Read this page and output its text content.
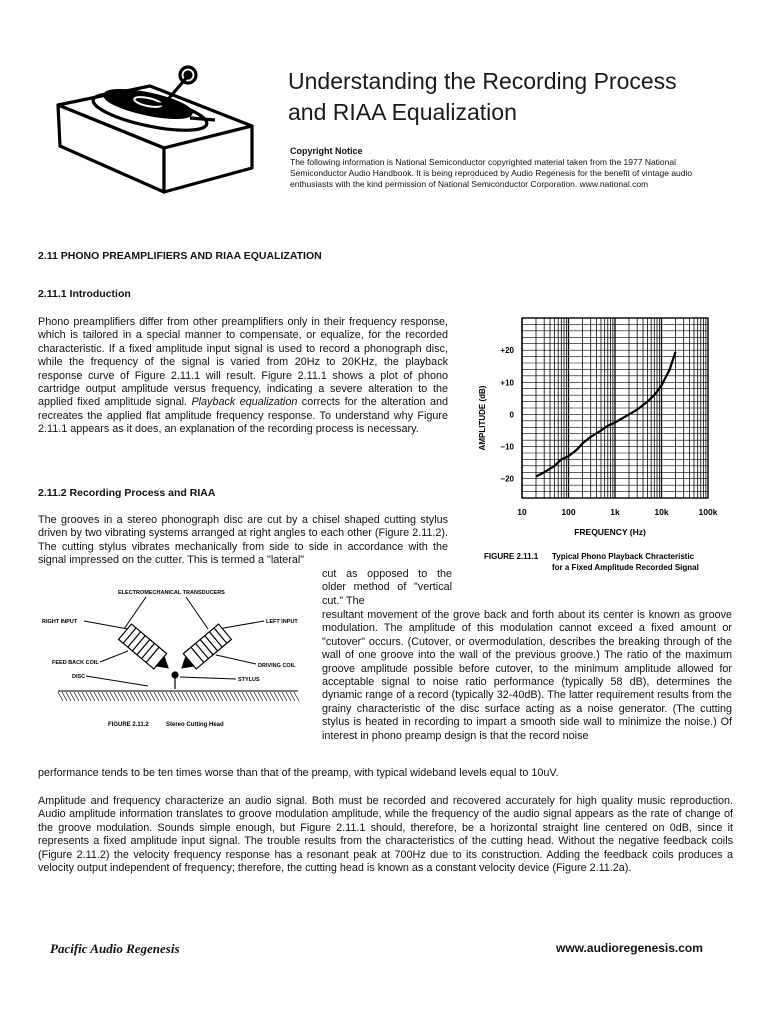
Understanding the Recording Process
and RIAA Equalization
Copyright Notice
The following information is National Semiconductor copyrighted material taken from the 1977 National Semiconductor Audio Handbook. It is being reproduced by Audio Regenesis for the benefit of vintage audio enthusiasts with the kind permission of National Semiconductor Corporation. www.national.com
2.11 PHONO PREAMPLIFIERS AND RIAA EQUALIZATION
2.11.1 Introduction
Phono preamplifiers differ from other preamplifiers only in their frequency response, which is tailored in a special manner to compensate, or equalize, for the recorded characteristic. If a fixed amplitude input signal is used to record a phonograph disc, while the frequency of the signal is varied from 20Hz to 20KHz, the playback response curve of Figure 2.11.1 will result. Figure 2.11.1 shows a plot of phono cartridge output amplitude versus frequency, indicating a severe alteration to the applied fixed amplitude signal. Playback equalization corrects for the alteration and recreates the applied flat amplitude frequency response. To understand why Figure 2.11.1 appears as it does, an explanation of the recording process is necessary.
2.11.2 Recording Process and RIAA
The grooves in a stereo phonograph disc are cut by a chisel shaped cutting stylus driven by two vibrating systems arranged at right angles to each other (Figure 2.11.2). The cutting stylus vibrates mechanically from side to side in accordance with the signal impressed on the cutter. This is termed a "lateral"
cut as opposed to the older method of "vertical cut." The
resultant movement of the grove back and forth about its center is known as groove modulation. The amplitude of this modulation cannot exceed a fixed amount or "cutover" occurs. (Cutover, or overmodulation, describes the breaking through of the wall of one groove into the wall of the previous groove.) The ratio of the maximum groove amplitude possible before cutover, to the minimum amplitude allowed for acceptable signal to noise ratio performance (typically 58 dB), determines the dynamic range of a record (typically 32-40dB). The latter requirement results from the grainy characteristic of the disc surface acting as a noise generator. (The cutting stylus is heated in recording to impart a smooth side wall to minimize the noise.) Of interest in phono preamp design is that the record noise
performance tends to be ten times worse than that of the preamp, with typical wideband levels equal to 10uV.
Amplitude and frequency characterize an audio signal. Both must be recorded and recovered accurately for high quality music reproduction. Audio amplitude information translates to groove modulation amplitude, while the frequency of the audio signal appears as the rate of change of the groove modulation. Sounds simple enough, but Figure 2.11.1 should, therefore, be a horizontal straight line centered on 0dB, since it represents a fixed amplitude input signal. The trouble results from the characteristics of the cutting head. Without the negative feedback coils (Figure 2.11.2) the velocity frequency response has a resonant peak at 700Hz due to its construction. Adding the feedback coils produces a velocity output independent of frequency; therefore, the cutting head is known as a constant velocity device (Figure 2.11.2a).
10	100	1k	10k	100k
+20
+10
0
−10
−20
AMPLITUDE (dB)
FREQUENCY (Hz)
FIGURE 2.11.1 Typical Phono Playback Chracteristic
for a Fixed Amplitude Recorded Signal
ELECTROMECHANICAL TRANSDUCERS
RIGHT INPUT	LEFT INPUT
FEED BACK COIL	DRIVING COIL
DISC	STYLUS
FIGURE 2.11.2	Stereo Cutting Head
Pacific Audio Regenesis	www.audioregenesis.com
